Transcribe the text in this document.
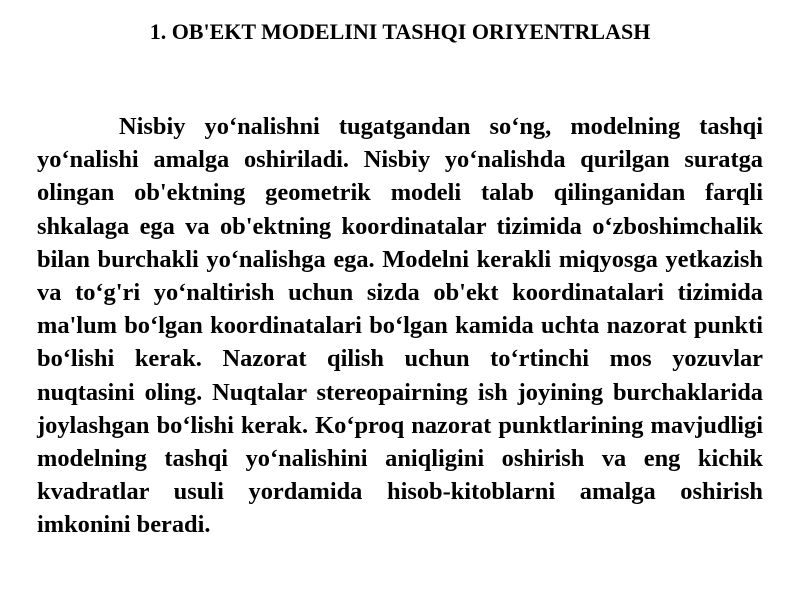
1. OB'EKT MODELINI TASHQI ORIYENTRLASH

Nisbiy yo‘nalishni tugatgandan so‘ng, modelning tashqi yo‘nalishi amalga oshiriladi. Nisbiy yo‘nalishda qurilgan suratga olingan ob'ektning geometrik modeli talab qilinganidan farqli shkalaga ega va ob'ektning koordinatalar tizimida o‘zboshimchalik bilan burchakli yo‘nalishga ega. Modelni kerakli miqyosga yetkazish va to‘g'ri yo‘naltirish uchun sizda ob'ekt koordinatalari tizimida ma'lum bo‘lgan koordinatalari bo‘lgan kamida uchta nazorat punkti bo‘lishi kerak. Nazorat qilish uchun to‘rtinchi mos yozuvlar nuqtasini oling. Nuqtalar stereopairning ish joyining burchaklarida joylashgan bo‘lishi kerak. Ko‘proq nazorat punktlarining mavjudligi modelning tashqi yo‘nalishini aniqligini oshirish va eng kichik kvadratlar usuli yordamida hisob-kitoblarni amalga oshirish imkonini beradi.
